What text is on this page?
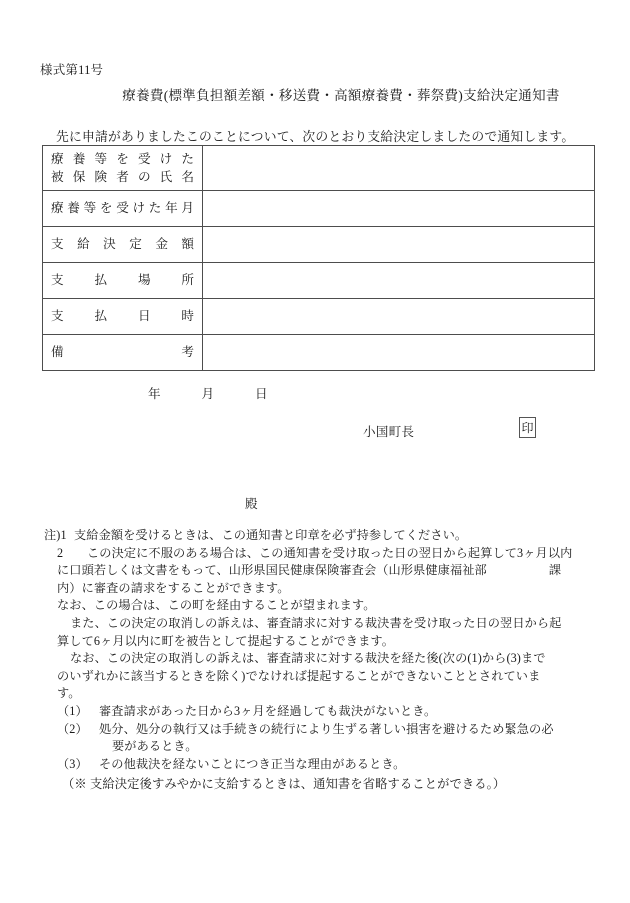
様式第11号
療養費(標準負担額差額・移送費・高額療養費・葬祭費)支給決定通知書
先に申請がありましたこのことについて、次のとおり支給決定しましたので通知します。
療養等を受けた
被保険者の氏名	

療養等を受けた年月	

支給決定金額	

支払場所	

支払日時	

備考	

年	月	日
小国町長	印
殿
注)1 支給金額を受けるときは、この通知書と印章を必ず持参してください。
2 この決定に不服のある場合は、この通知書を受け取った日の翌日から起算して3ヶ月以内
に口頭若しくは文書をもって、山形県国民健康保険審査会（山形県健康福祉部	課
内）に審査の請求をすることができます。
なお、この場合は、この町を経由することが望まれます。
また、この決定の取消しの訴えは、審査請求に対する裁決書を受け取った日の翌日から起
算して6ヶ月以内に町を被告として提起することができます。
なお、この決定の取消しの訴えは、審査請求に対する裁決を経た後(次の(1)から(3)まで
のいずれかに該当するときを除く)でなければ提起することができないこととされていま
す。
（1） 審査請求があった日から3ヶ月を経過しても裁決がないとき。
（2） 処分、処分の執行又は手続きの続行により生ずる著しい損害を避けるため緊急の必
要があるとき。
（3） その他裁決を経ないことにつき正当な理由があるとき。
（※ 支給決定後すみやかに支給するときは、通知書を省略することができる。）
